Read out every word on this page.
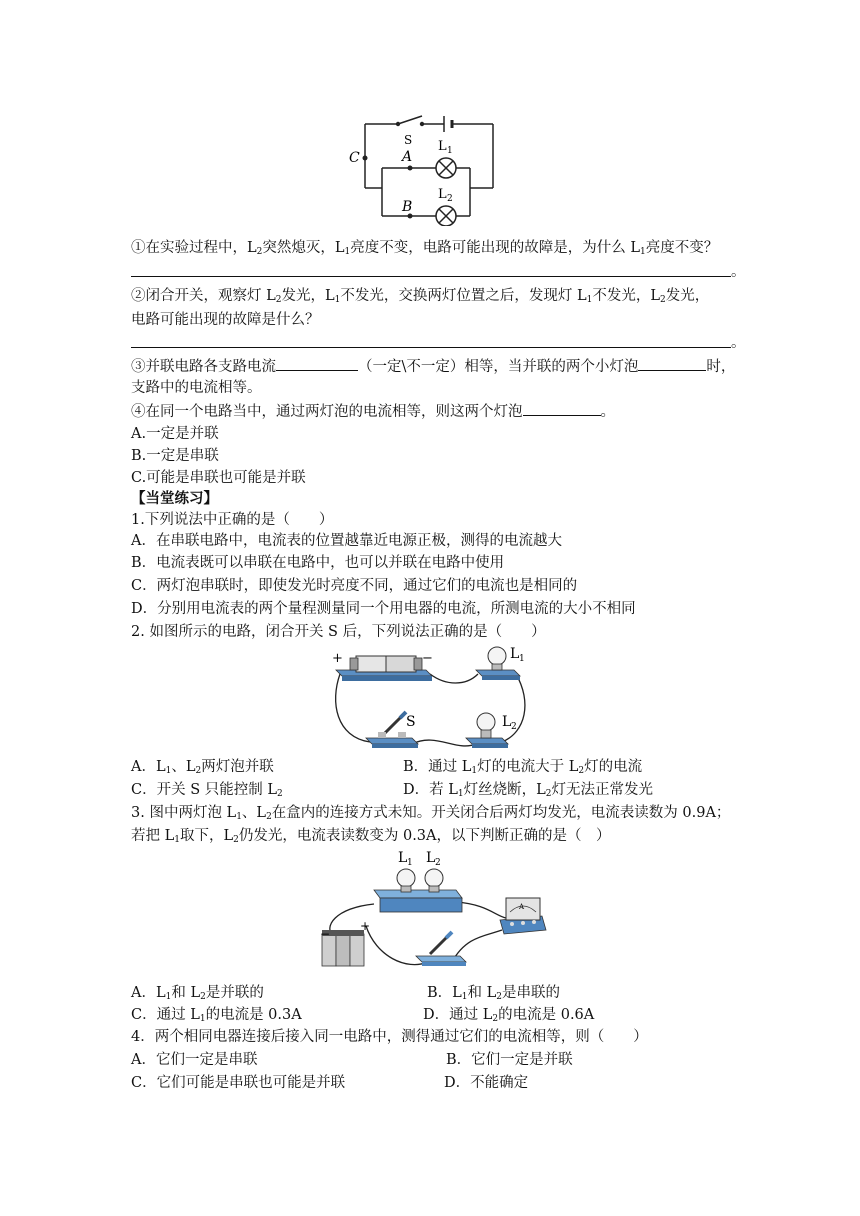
S
C	A
B
L 1
L 2
①在实验过程中，$L_2$突然熄灭，$L_1$亮度不变，电路可能出现的故障是，为什么 $L_1$亮度不变？
。
②闭合开关，观察灯 $L_2$发光，$L_1$不发光，交换两灯位置之后，发现灯 $L_1$不发光，$L_2$发光，
电路可能出现的故障是什么？
。
③并联电路各支路电流	（一定\不一定）相等，当并联的两个小灯泡	时，
支路中的电流相等。
④在同一个电路当中，通过两灯泡的电流相等，则这两个灯泡	。
A.一定是并联
B.一定是串联
C.可能是串联也可能是并联
【当堂练习】
1.下列说法中正确的是（　　）
A．在串联电路中，电流表的位置越靠近电源正极，测得的电流越大
B．电流表既可以串联在电路中，也可以并联在电路中使用
C．两灯泡串联时，即使发光时亮度不同，通过它们的电流也是相同的
D．分别用电流表的两个量程测量同一个用电器的电流，所测电流的大小不相同
2. 如图所示的电路，闭合开关 S 后，下列说法正确的是（　　）
+	−	L 1
S	L 2
A．$L_1$、$L_2$两灯泡并联	B．通过 $L_1$灯的电流大于 $L_2$灯的电流
C．开关 S 只能控制 $L_2$	D．若 $L_1$灯丝烧断，$L_2$灯无法正常发光
3. 图中两灯泡 $L_1$、$L_2$在盒内的连接方式未知。开关闭合后两灯均发光，电流表读数为 0.9A；
若把 $L_1$取下，$L_2$仍发光，电流表读数变为 0.3A，以下判断正确的是（　）
L 1 L 2
−
+
A
A．$L_1$和 $L_2$是并联的	B．$L_1$和 $L_2$是串联的
C．通过 $L_1$的电流是 0.3A	D．通过 $L_2$的电流是 0.6A
4．两个相同电器连接后接入同一电路中，测得通过它们的电流相等，则（　　）
A．它们一定是串联	B．它们一定是并联
C．它们可能是串联也可能是并联	D．不能确定
